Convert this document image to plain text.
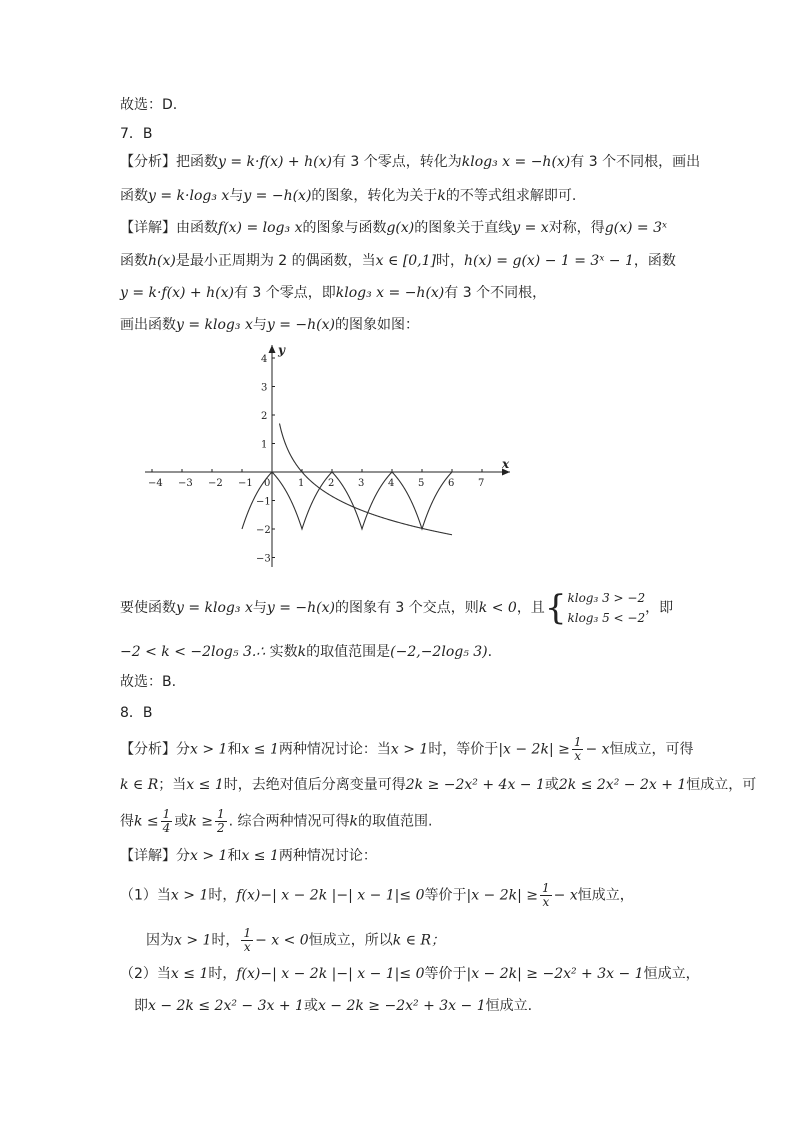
故选：D.
7．B
【分析】把函数y = k·f(x) + h(x)有 3 个零点，转化为klog₃ x = −h(x)有 3 个不同根，画出
函数y = k·log₃ x与y = −h(x)的图象，转化为关于k的不等式组求解即可.
【详解】由函数f(x) = log₃ x的图象与函数g(x)的图象关于直线y = x对称，得g(x) = 3ˣ
函数h(x)是最小正周期为 2 的偶函数，当x ∈ [0,1]时，h(x) = g(x) − 1 = 3ˣ − 1，函数
y = k·f(x) + h(x)有 3 个零点，即klog₃ x = −h(x)有 3 个不同根，
画出函数y = klog₃ x与y = −h(x)的图象如图：
x
y
−4 −3 −2 −1 0	1 2 3 4 5 6 7
4
3
2
1
−1
−2
−3
要使函数y = klog₃ x与y = −h(x)的图象有 3 个交点，则k < 0，且{ klog₃ 3 > −2
klog₃ 5 < −2
，即
−2 < k < −2log₅ 3.∴ 实数k的取值范围是(−2,−2log₅ 3).
故选：B.
8．B
【分析】分x > 1和x ≤ 1两种情况讨论：当x > 1时，等价于$|x - 2k| \ge \frac{1}{x} - x$恒成立，可得
k ∈ R；当x ≤ 1时，去绝对值后分离变量可得2k ≥ −2x² + 4x − 1或2k ≤ 2x² − 2x + 1恒成立，可
得$k \le \frac{1}{4}$ 或$k \ge \frac{1}{2}$ . 综合两种情况可得k的取值范围.
【详解】分x > 1和x ≤ 1两种情况讨论：
（1）当x > 1时，f(x)−| x − 2k |−| x − 1|≤ 0等价于$|x - 2k| \ge \frac{1}{x} - x$恒成立，
因为x > 1时， $\frac{1}{x} - x < 0$恒成立，所以k ∈ R；
（2）当x ≤ 1时，f(x)−| x − 2k |−| x − 1|≤ 0等价于|x − 2k| ≥ −2x² + 3x − 1恒成立，
即x − 2k ≤ 2x² − 3x + 1或x − 2k ≥ −2x² + 3x − 1恒成立.
